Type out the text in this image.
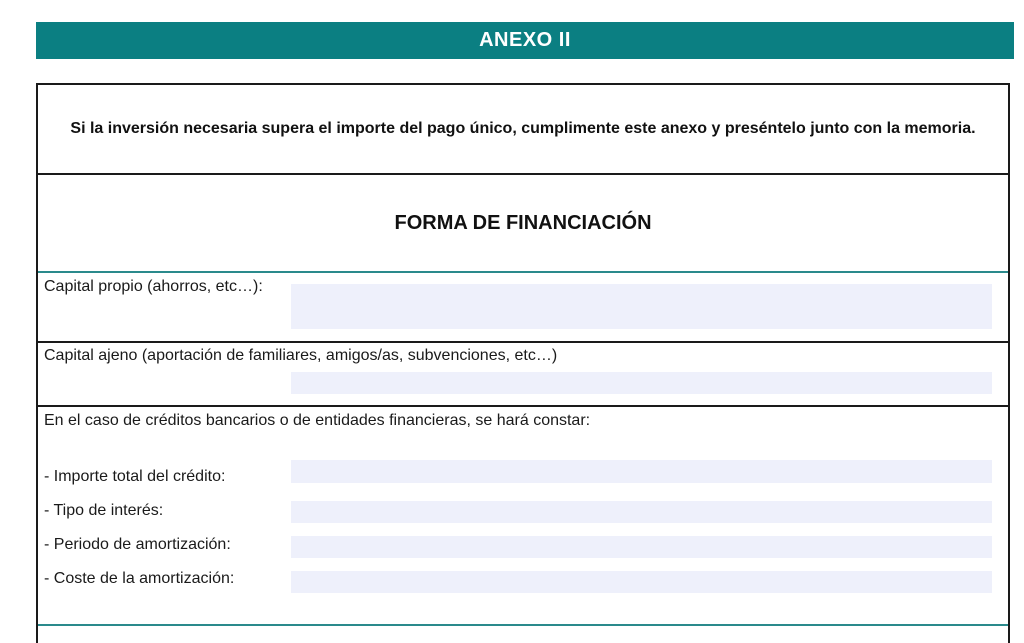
ANEXO II
Si la inversión necesaria supera el importe del pago único, cumplimente este anexo y preséntelo junto con la memoria.
FORMA DE FINANCIACIÓN
Capital propio (ahorros, etc…):
Capital ajeno (aportación de familiares, amigos/as, subvenciones, etc…)
En el caso de créditos bancarios o de entidades financieras, se hará constar:
- Importe total del crédito:
- Tipo de interés:
- Periodo de amortización:
- Coste de la amortización:
